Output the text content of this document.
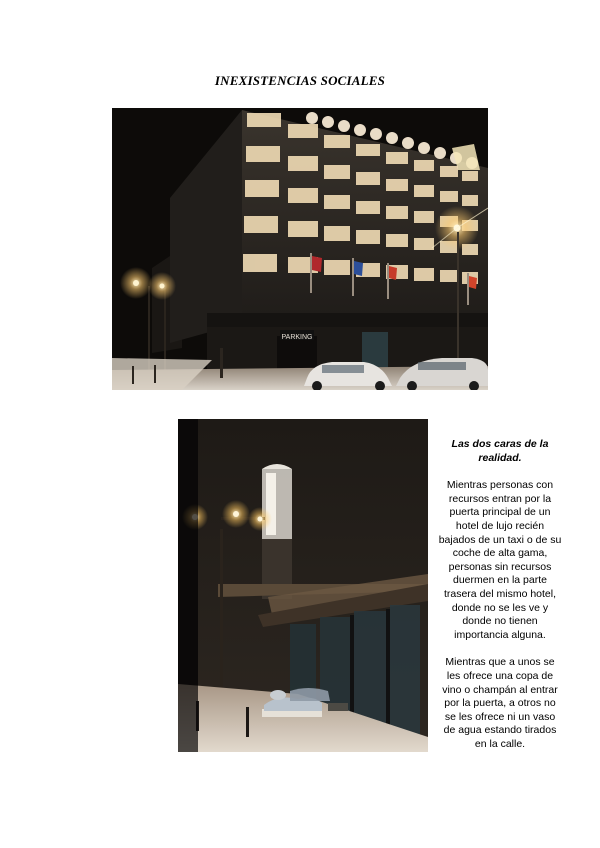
INEXISTENCIAS SOCIALES
PARKING

Las dos caras de la realidad.

Mientras personas con recursos entran por la puerta principal de un hotel de lujo recién bajados de un taxi o de su coche de alta gama, personas sin recursos duermen en la parte trasera del mismo hotel, donde no se les ve y donde no tienen importancia alguna.

Mientras que a unos se les ofrece una copa de vino o champán al entrar por la puerta, a otros no se les ofrece ni un vaso de agua estando tirados en la calle.
